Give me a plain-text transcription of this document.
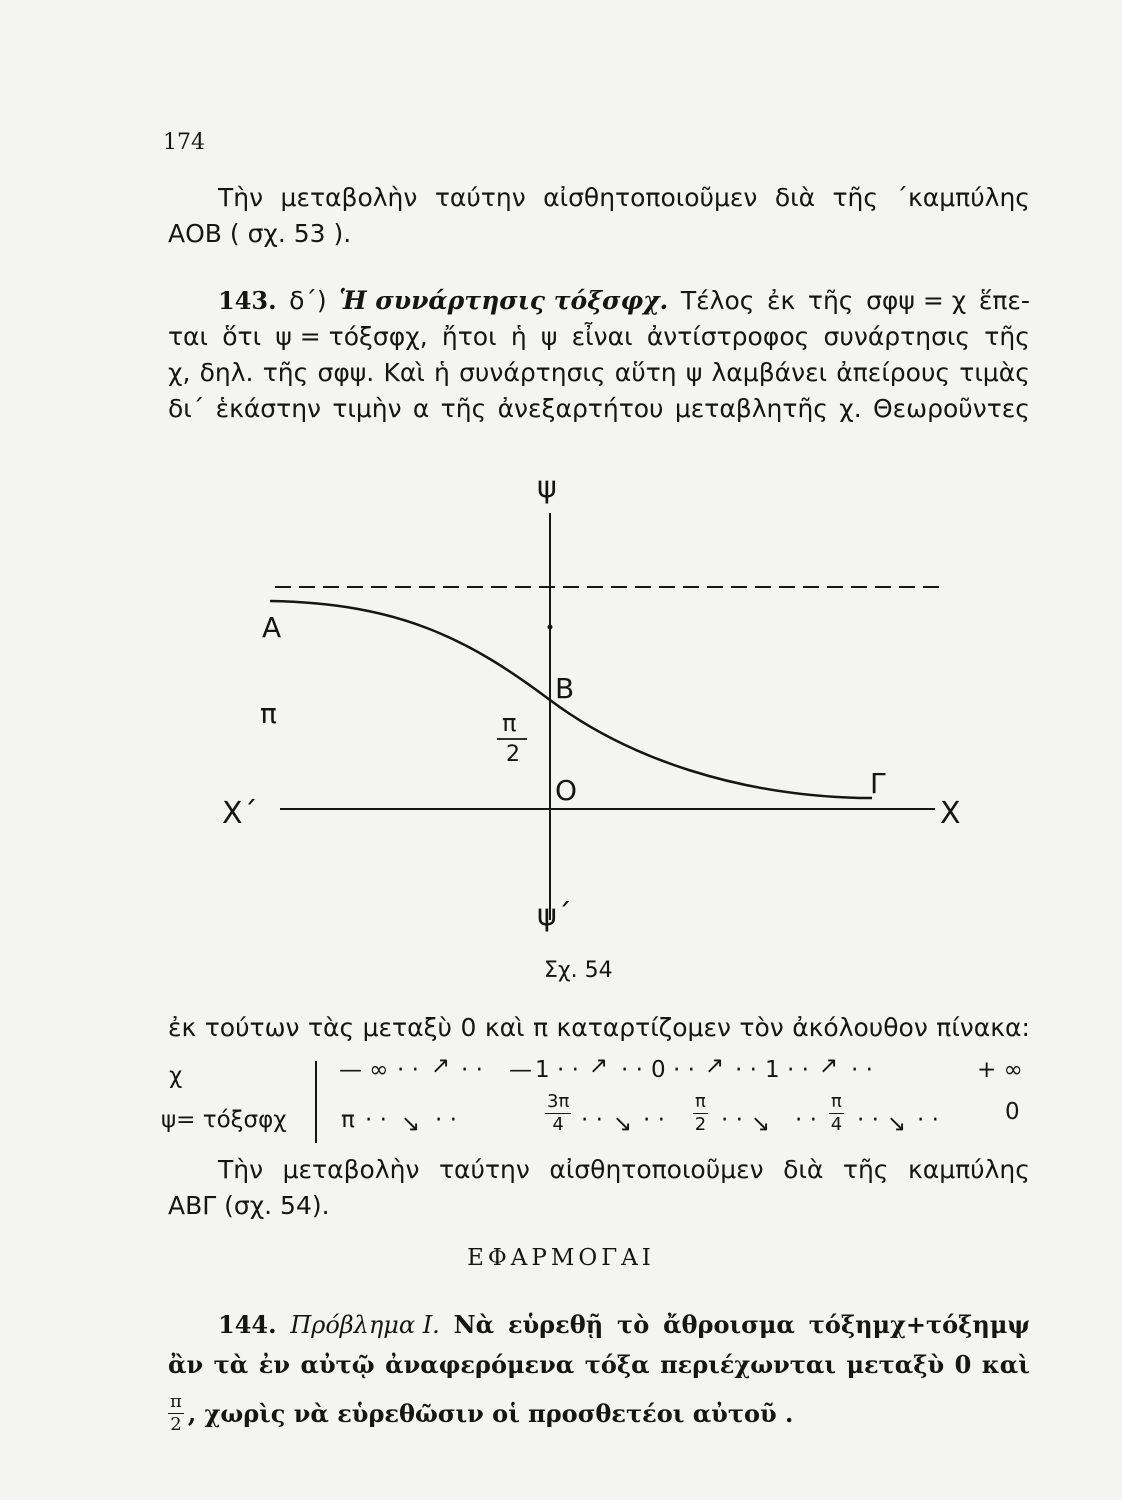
174
Τὴν μεταβολὴν ταύτην αἰσθητοποιοῦμεν διὰ τῆς ΄καμπύλης
ΑΟΒ ( σχ. 53 ).
143. δ΄) Ἡ συνάρτησις τόξσφχ. Τέλος ἐκ τῆς σφψ = χ ἕπε-
ται ὅτι ψ = τόξσφχ, ἤτοι ἡ ψ εἶναι ἀντίστροφος συνάρτησις τῆς
χ, δηλ. τῆς σφψ. Καὶ ἡ συνάρτησις αὕτη ψ λαμβάνει ἀπείρους τιμὰς
δι΄ ἑκάστην τιμὴν α τῆς ἀνεξαρτήτου μεταβλητῆς χ. Θεωροῦντες
ψ
ψ΄
Χ
Χ΄
Α
Β
Ο	Γ
π	π
2
Σχ. 54
ἐκ τούτων τὰς μεταξὺ 0 καὶ π καταρτίζομεν τὸν ἀκόλουθον πίνακα:
χ	— ∞ · · ↗ · · — 1 · · ↗ · · 0 · · ↗ · · 1 · · ↗ · ·	+ ∞
ψ= τόξσφχ π · · ↘ · ·	$\frac{3\pi}{4}$ · · ↘ · · $\frac{\pi}{2}$ · · ↘ · · $\frac{\pi}{4}$ · · ↘ · ·	0
Τὴν μεταβολὴν ταύτην αἰσθητοποιοῦμεν διὰ τῆς καμπύλης
ΑΒΓ (σχ. 54).
ΕΦΑΡΜΟΓΑΙ
144. Πρόβλημα Ι. Νὰ εὑρεθῇ τὸ ἄθροισμα τόξημχ+τόξημψ
ἂν τὰ ἐν αὐτῷ ἀναφερόμενα τόξα περιέχωνται μεταξὺ 0 καὶ
$\frac{\pi}{2}$ , χωρὶς νὰ εὑρεθῶσιν οἱ προσθετέοι αὐτοῦ .
